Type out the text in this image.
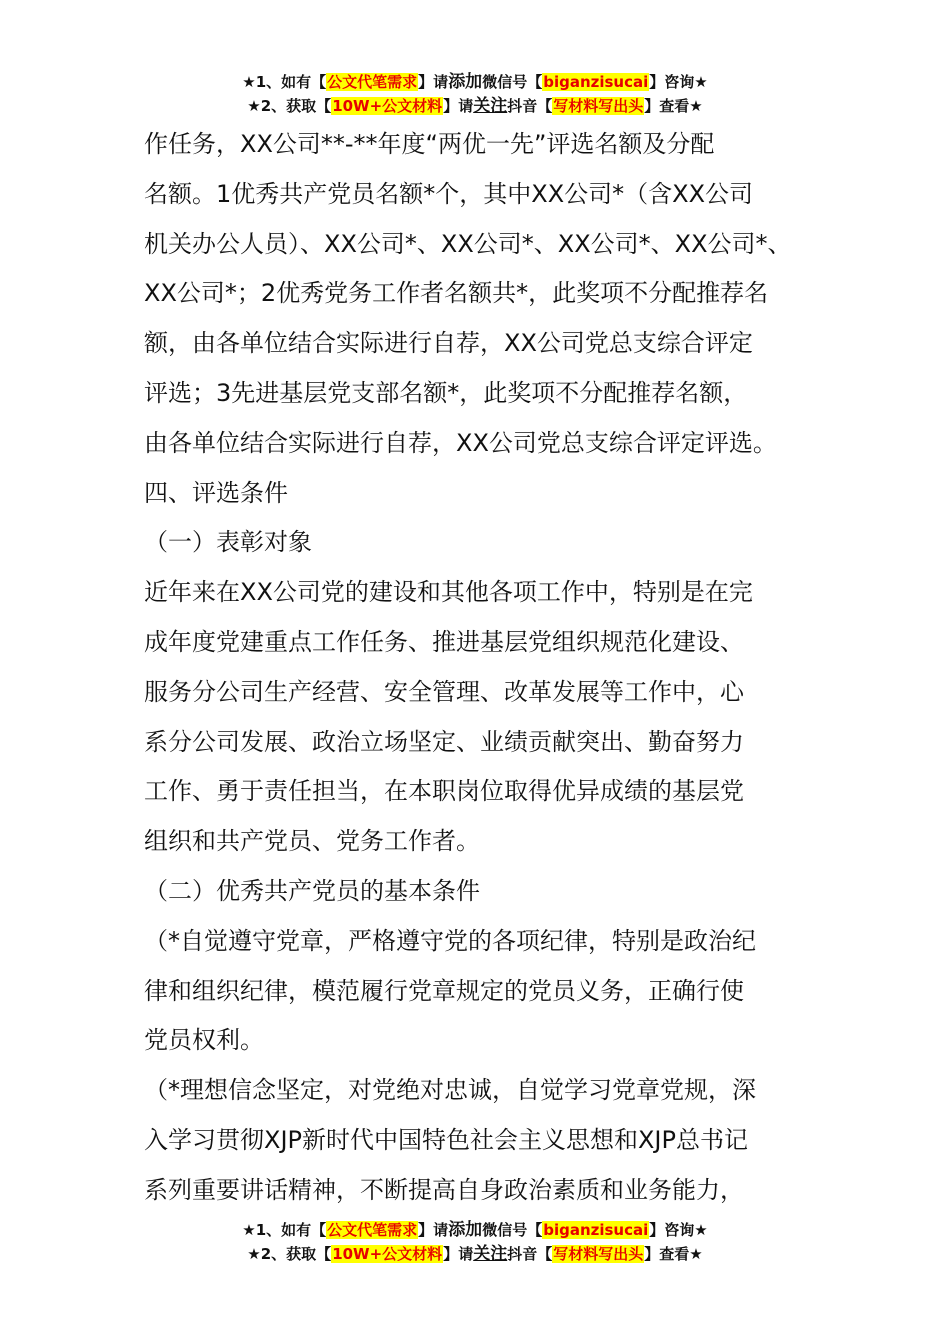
★1、如有【公文代笔需求】请添加微信号【biganzisucai】咨询★
★2、获取【10W+公文材料】请关注抖音【写材料写出头】查看★
作任务，XX公司**-**年度“两优一先”评选名额及分配
名额。1优秀共产党员名额*个，其中XX公司*（含XX公司
机关办公人员）、XX公司*、XX公司*、XX公司*、XX公司*、
XX公司*；2优秀党务工作者名额共*，此奖项不分配推荐名
额，由各单位结合实际进行自荐，XX公司党总支综合评定
评选；3先进基层党支部名额*，此奖项不分配推荐名额，
由各单位结合实际进行自荐，XX公司党总支综合评定评选。
四、评选条件
（一）表彰对象
近年来在XX公司党的建设和其他各项工作中，特别是在完
成年度党建重点工作任务、推进基层党组织规范化建设、
服务分公司生产经营、安全管理、改革发展等工作中，心
系分公司发展、政治立场坚定、业绩贡献突出、勤奋努力
工作、勇于责任担当，在本职岗位取得优异成绩的基层党
组织和共产党员、党务工作者。
（二）优秀共产党员的基本条件
（*自觉遵守党章，严格遵守党的各项纪律，特别是政治纪
律和组织纪律，模范履行党章规定的党员义务，正确行使
党员权利。
（*理想信念坚定，对党绝对忠诚，自觉学习党章党规，深
入学习贯彻XJP新时代中国特色社会主义思想和XJP总书记
系列重要讲话精神，不断提高自身政治素质和业务能力，
★1、如有【公文代笔需求】请添加微信号【biganzisucai】咨询★
★2、获取【10W+公文材料】请关注抖音【写材料写出头】查看★
